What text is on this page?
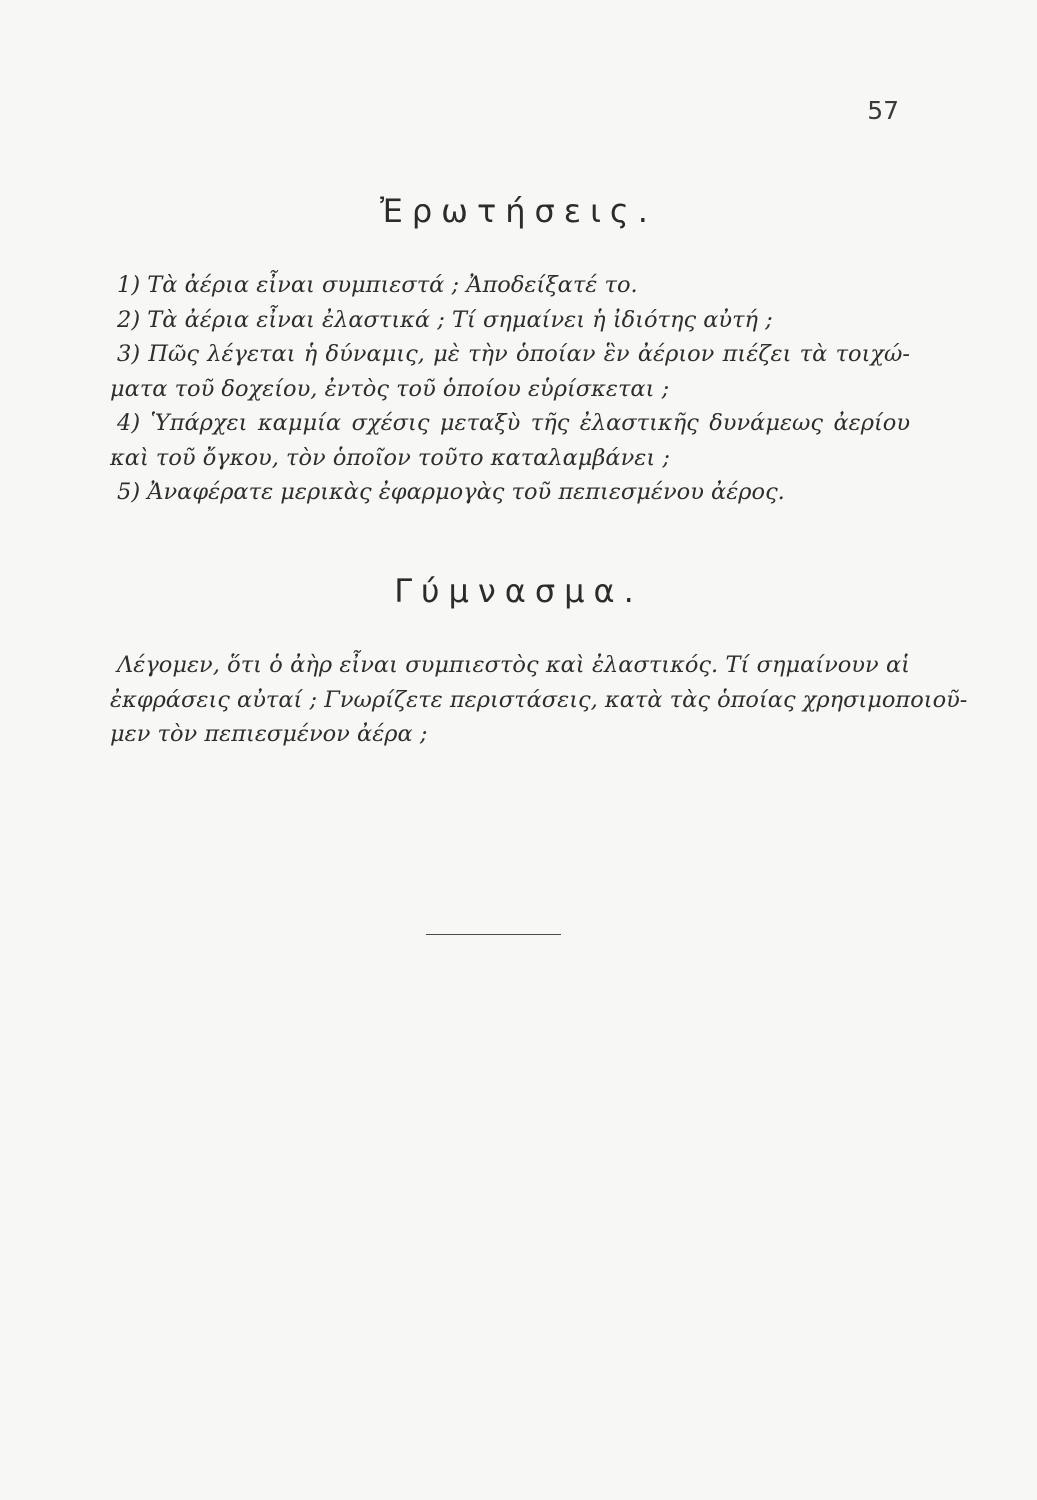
57
Ἐρωτήσεις.
1) Τὰ ἀέρια εἶναι συμπιεστά ; Ἀποδείξατέ το.
2) Τὰ ἀέρια εἶναι ἐλαστικά ; Τί σημαίνει ἡ ἰδιότης αὐτή ;
3) Πῶς λέγεται ἡ δύναμις, μὲ τὴν ὁποίαν ἓν ἀέριον πιέζει τὰ τοιχώ-
ματα τοῦ δοχείου, ἐντὸς τοῦ ὁποίου εὑρίσκεται ;
4) Ὑπάρχει καμμία σχέσις μεταξὺ τῆς ἐλαστικῆς δυνάμεως ἀερίου
καὶ τοῦ ὄγκου, τὸν ὁποῖον τοῦτο καταλαμβάνει ;
5) Ἀναφέρατε μερικὰς ἐφαρμογὰς τοῦ πεπιεσμένου ἀέρος.
Γύμνασμα.
Λέγομεν, ὅτι ὁ ἀὴρ εἶναι συμπιεστὸς καὶ ἐλαστικός. Τί σημαίνουν αἱ
ἐκφράσεις αὐταί ; Γνωρίζετε περιστάσεις, κατὰ τὰς ὁποίας χρησιμοποιοῦ-
μεν τὸν πεπιεσμένον ἀέρα ;
